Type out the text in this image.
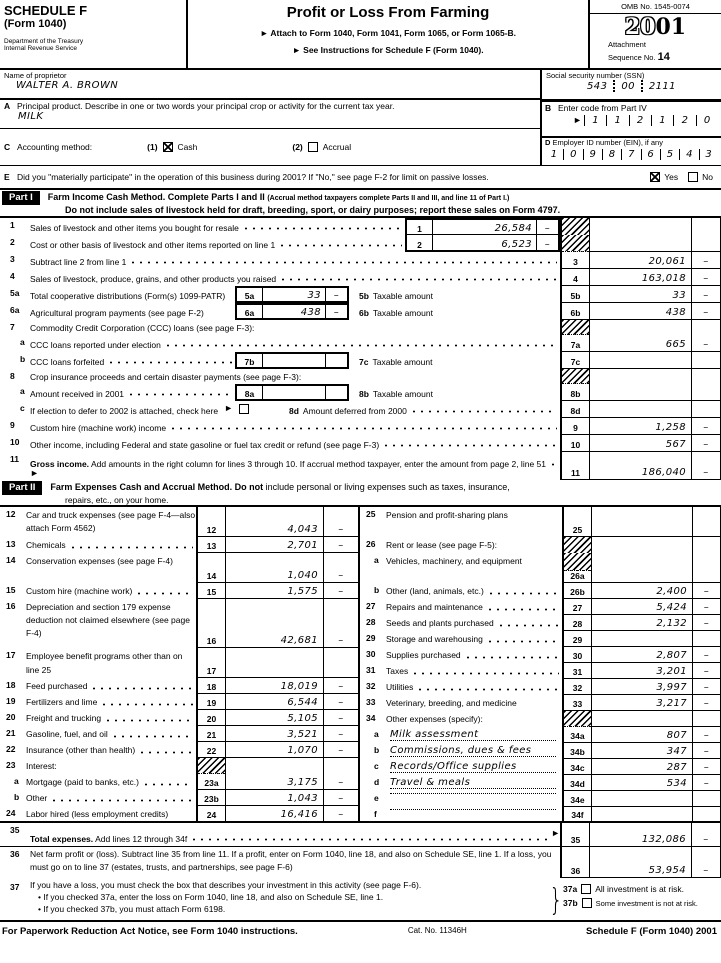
SCHEDULE F
(Form 1040)
Department of the Treasury
Internal Revenue Service
Profit or Loss From Farming
► Attach to Form 1040, Form 1041, Form 1065, or Form 1065-B.
► See Instructions for Schedule F (Form 1040).
OMB No. 1545-0074
2001
Attachment
Sequence No. 14
Name of proprietor
WALTER A. BROWN
A Principal product. Describe in one or two words your principal crop or activity for the current tax year.
MILK
C Accounting method:	(1) Cash	(2) Accrual
Social security number (SSN)
543 00 2111
B Enter code from Part IV
►	1	1	2	1	2	0
D Employer ID number (EIN), if any
1	0	9	8	7	6	5	4	3
E Did you "materially participate" in the operation of this business during 2001? If "No," see page F-2 for limit on passive losses.	Yes	No
Part I	Farm Income Cash Method. Complete Parts I and II (Accrual method taxpayers complete Parts II and III, and line 11 of Part I.)
Do not include sales of livestock held for draft, breeding, sport, or dairy purposes; report these sales on Form 4797.
1	Sales of livestock and other items you bought for resale	1	26,584	–
2	Cost or other basis of livestock and other items reported on line 1	2	6,523	–
3	Subtract line 2 from line 1	3	20,061	–
4	Sales of livestock, produce, grains, and other products you raised	4	163,018	–
5a	Total cooperative distributions (Form(s) 1099-PATR)	5a	33	–	5b Taxable amount	5b	33	–
6a	Agricultural program payments (see page F-2)	6a	438	–	6b Taxable amount	6b	438	–
7	Commodity Credit Corporation (CCC) loans (see page F-3):
a CCC loans reported under election	7a	665	–
b CCC loans forfeited	7b	7c Taxable amount	7c
8	Crop insurance proceeds and certain disaster payments (see page F-3):
a Amount received in 2001	8a	8b Taxable amount	8b
c If election to defer to 2002 is attached, check here ►	8d Amount deferred from 2000	8d
9	Custom hire (machine work) income	9	1,258	–
10	Other income, including Federal and state gasoline or fuel tax credit or refund (see page F-3)	10	567	–
11	Gross income. Add amounts in the right column for lines 3 through 10. If accrual method taxpayer, enter the amount from page 2, line 51
►	11	186,040	–
Part II	Farm Expenses Cash and Accrual Method. Do not include personal or living expenses such as taxes, insurance,
repairs, etc., on your home.
12	Car and truck expenses (see page F-4—also attach Form 4562)	12	4,043	–
13	Chemicals	13	2,701	–
14	Conservation expenses (see page F-4)
14	1,040	–
15	Custom hire (machine work)	15	1,575	–
16	Depreciation and section 179 expense deduction not claimed elsewhere (see page F-4)
16	42,681	–
17	Employee benefit programs other than on line 25	17
18	Feed purchased	18	18,019	–
19	Fertilizers and lime	19	6,544	–
20	Freight and trucking	20	5,105	–
21	Gasoline, fuel, and oil	21	3,521	–
22	Insurance (other than health)	22	1,070	–
23	Interest:
a Mortgage (paid to banks, etc.)	23a	3,175	–
b Other	23b	1,043	–
24	Labor hired (less employment credits)	24	16,416	–
25	Pension and profit-sharing plans
25
26	Rent or lease (see page F-5):
a Vehicles, machinery, and equipment
26a
b Other (land, animals, etc.)	26b	2,400	–
27	Repairs and maintenance	27	5,424	–
28	Seeds and plants purchased	28	2,132	–
29	Storage and warehousing	29
30	Supplies purchased	30	2,807	–
31	Taxes	31	3,201	–
32	Utilities	32	3,997	–
33	Veterinary, breeding, and medicine	33	3,217	–
34	Other expenses (specify):
a	Milk assessment	34a	807	–
b	Commissions, dues & fees	34b	347	–
c	Records/Office supplies	34c	287	–
d	Travel & meals	34d	534	–
e	34e
f	34f
35
Total expenses. Add lines 12 through 34f
►
35	132,086	–
36	Net farm profit or (loss). Subtract line 35 from line 11. If a profit, enter on Form 1040, line 18, and also on Schedule SE, line 1. If a loss, you must go on to line 37 (estates, trusts, and partnerships, see page F-6)	36	53,954	–
37	If you have a loss, you must check the box that describes your investment in this activity (see page F-6).
• If you checked 37a, enter the loss on Form 1040, line 18, and also on Schedule SE, line 1.
• If you checked 37b, you must attach Form 6198.	} 37a All investment is at risk.
37b Some investment is not at risk.
For Paperwork Reduction Act Notice, see Form 1040 instructions.	Cat. No. 11346H	Schedule F (Form 1040) 2001
